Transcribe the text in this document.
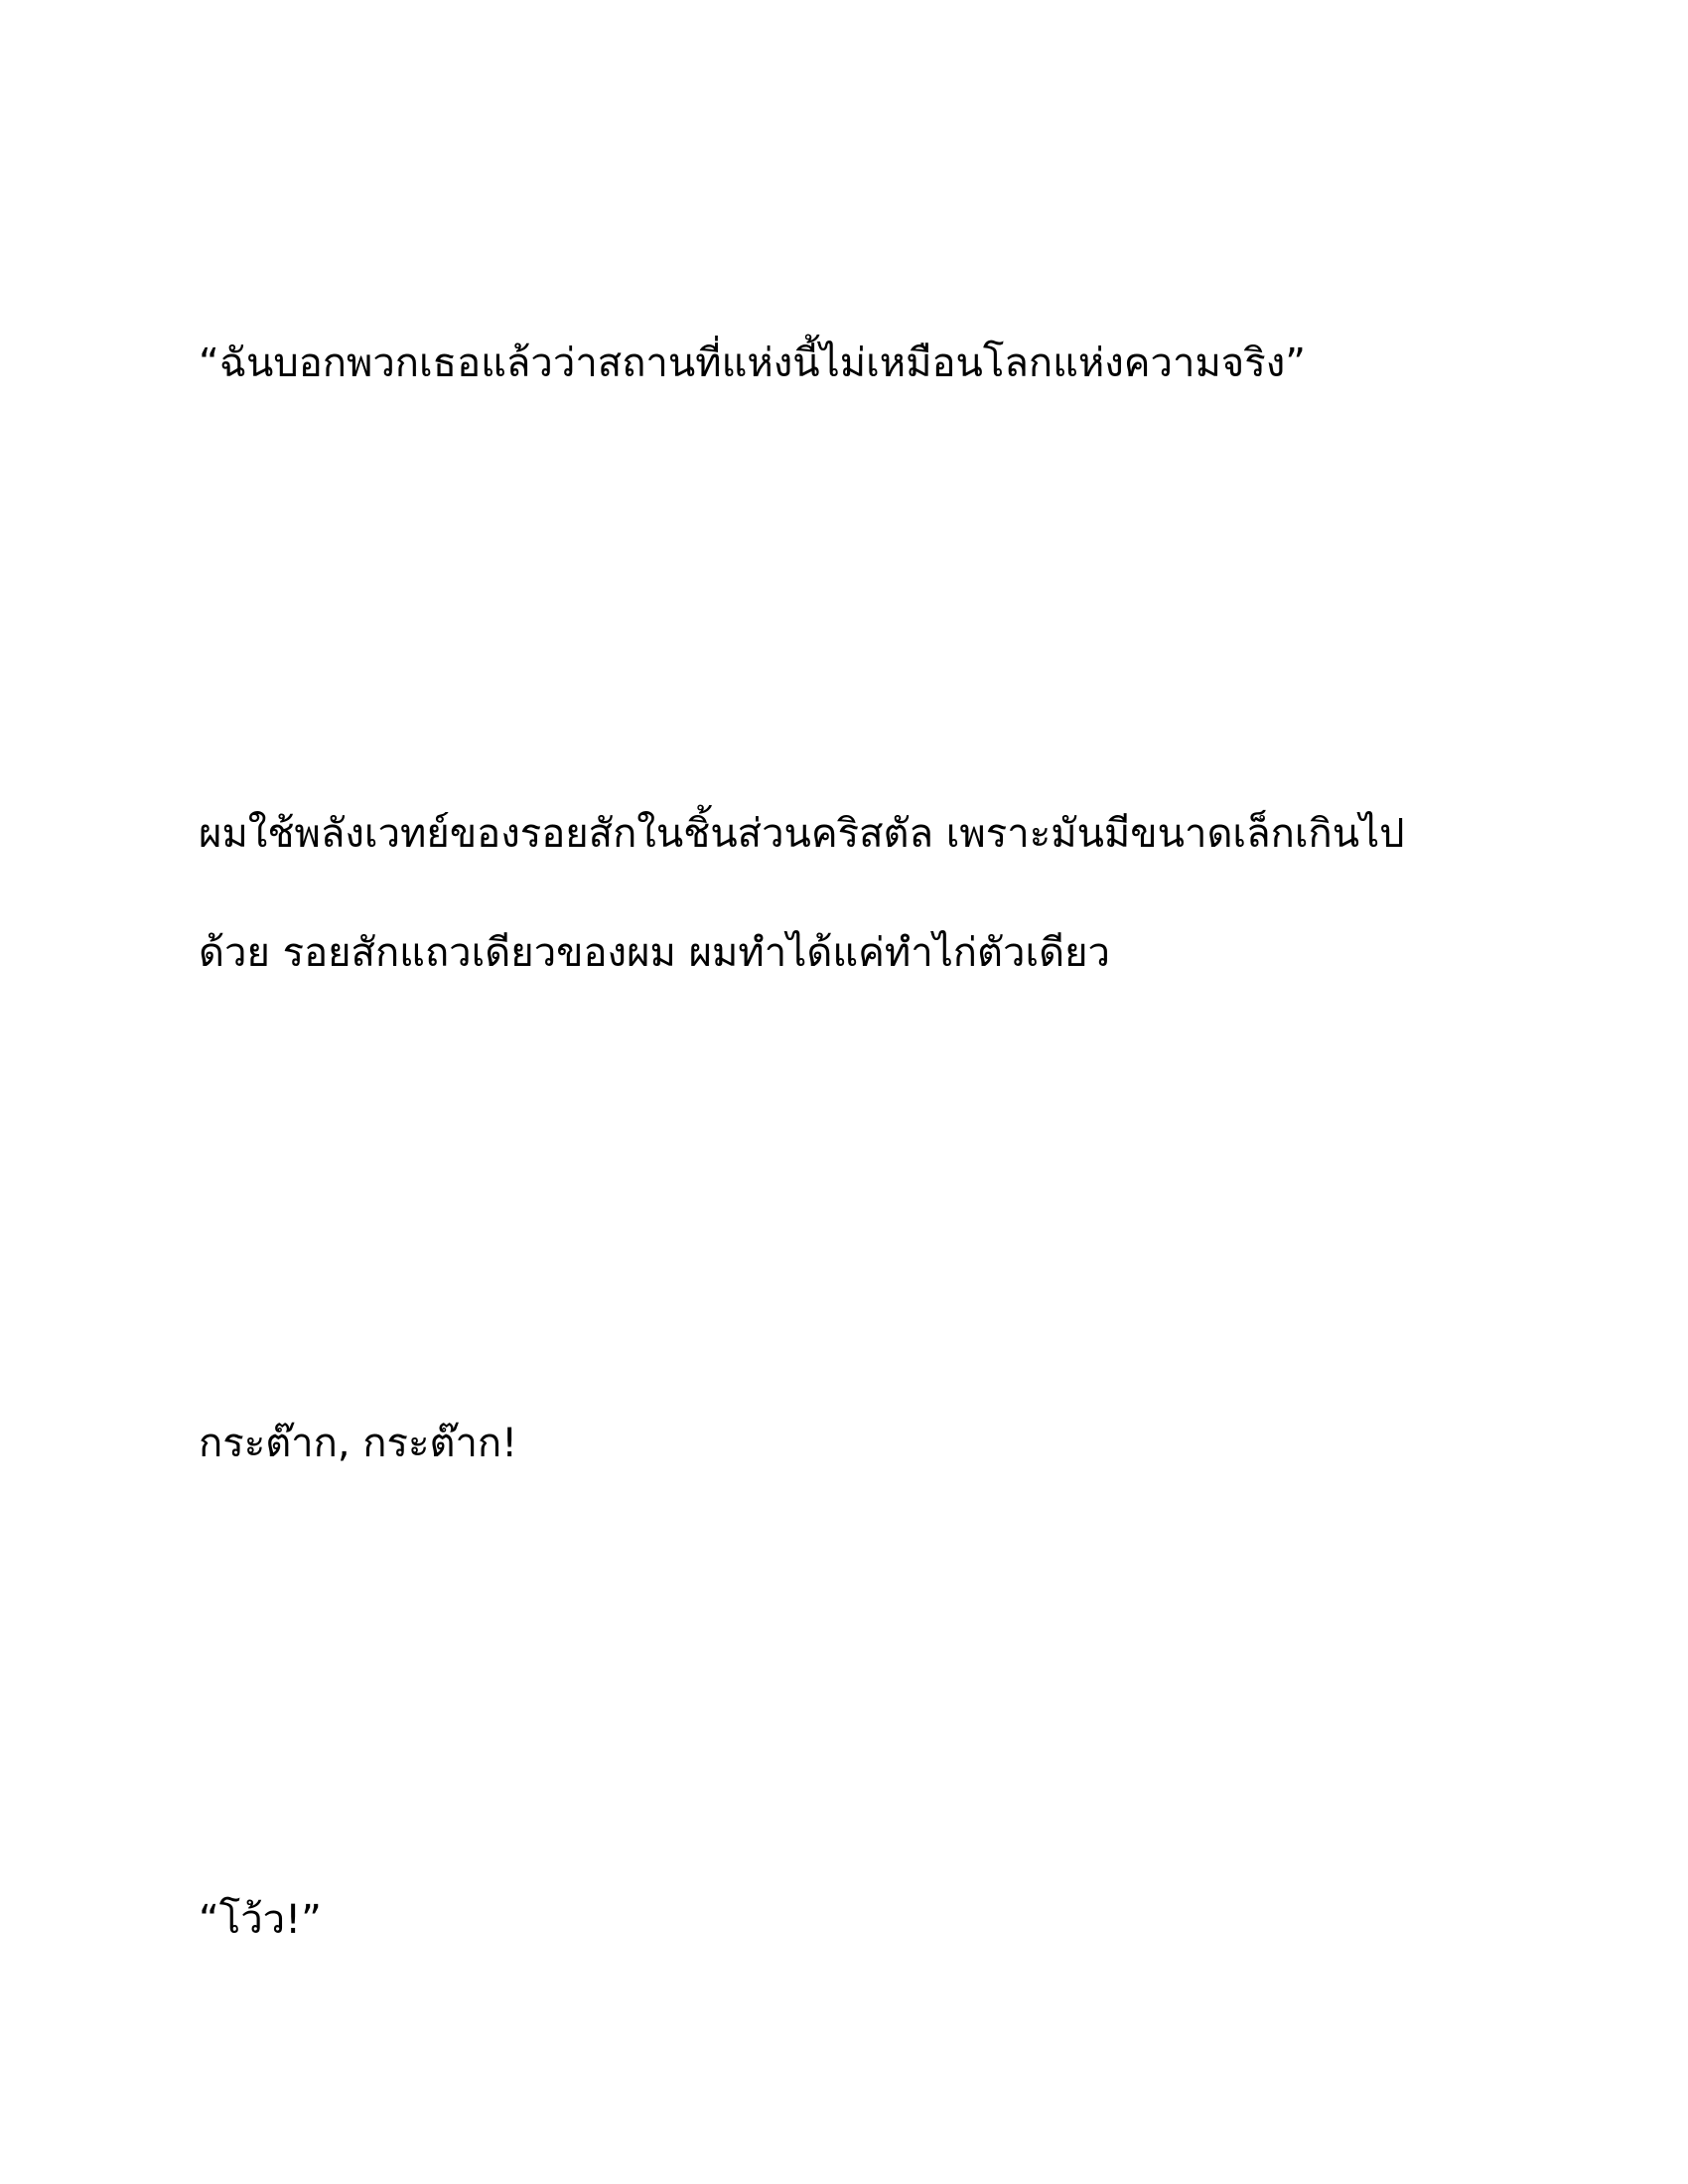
“ฉันบอกพวกเธอแล้วว่าสถานที่แห่งนี้ไม่เหมือนโลกแห่งความจริง”

ผมใช้พลังเวทย์ของรอยสักในชิ้นส่วนคริสตัล เพราะมันมีขนาดเล็กเกินไป
ด้วย รอยสักแถวเดียวของผม ผมทำได้แค่ทำไก่ตัวเดียว

กระต๊าก, กระต๊าก!

“โว้ว!”
